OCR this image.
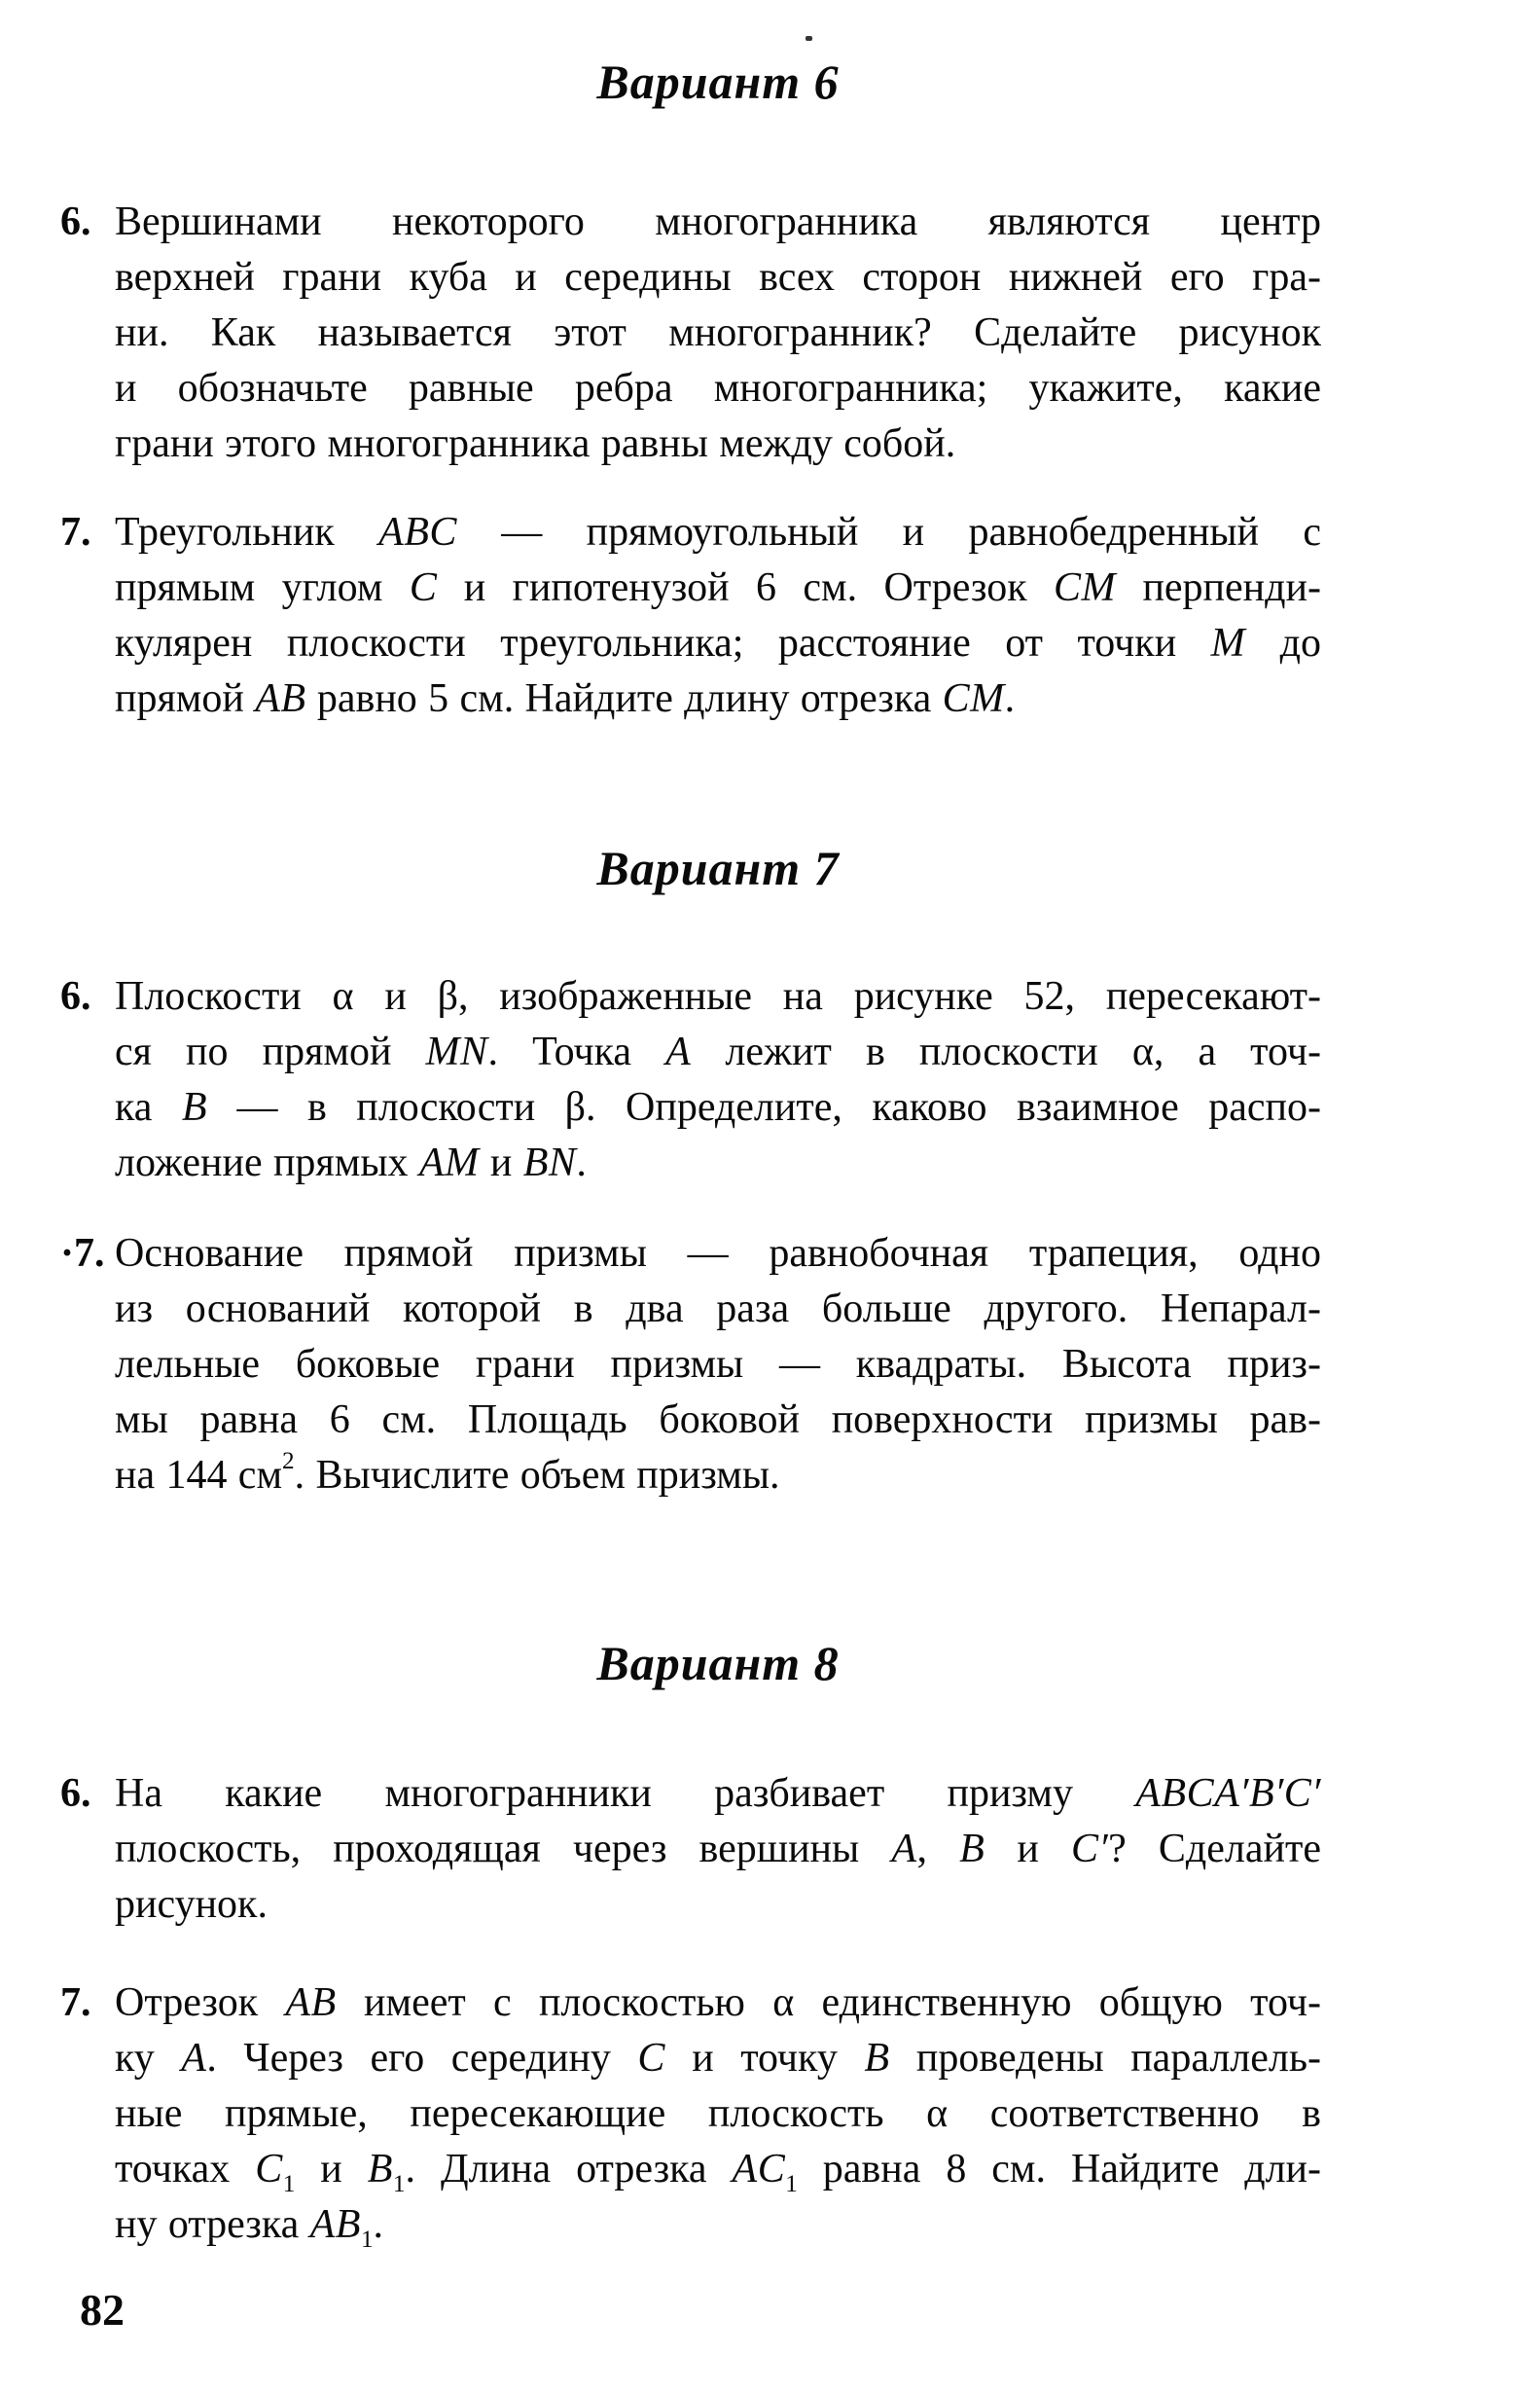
Вариант 6
6. Вершинами некоторого многогранника являются центр
верхней грани куба и середины всех сторон нижней его гра-
ни. Как называется этот многогранник? Сделайте рисунок
и обозначьте равные ребра многогранника; укажите, какие
грани этого многогранника равны между собой.
7. Треугольник ABC — прямоугольный и равнобедренный с
прямым углом C и гипотенузой 6 см. Отрезок CM перпенди-
кулярен плоскости треугольника; расстояние от точки M до
прямой AB равно 5 см. Найдите длину отрезка CM.
Вариант 7
6. Плоскости α и β, изображенные на рисунке 52, пересекают-
ся по прямой MN. Точка A лежит в плоскости α, а точ-
ка B — в плоскости β. Определите, каково взаимное распо-
ложение прямых AM и BN.
·7. Основание прямой призмы — равнобочная трапеция, одно
из оснований которой в два раза больше другого. Непарал-
лельные боковые грани призмы — квадраты. Высота приз-
мы равна 6 см. Площадь боковой поверхности призмы рав-
на 144 $см^2$. Вычислите объем призмы.
Вариант 8
6. На какие многогранники разбивает призму ABCA′B′C′
плоскость, проходящая через вершины A, B и C′? Сделайте
рисунок.
7. Отрезок AB имеет с плоскостью α единственную общую точ-
ку A. Через его середину C и точку B проведены параллель-
ные прямые, пересекающие плоскость α соответственно в
точках $C_1$ и $B_1$. Длина отрезка $AC_1$ равна 8 см. Найдите дли-
ну отрезка $AB_1$.
82
